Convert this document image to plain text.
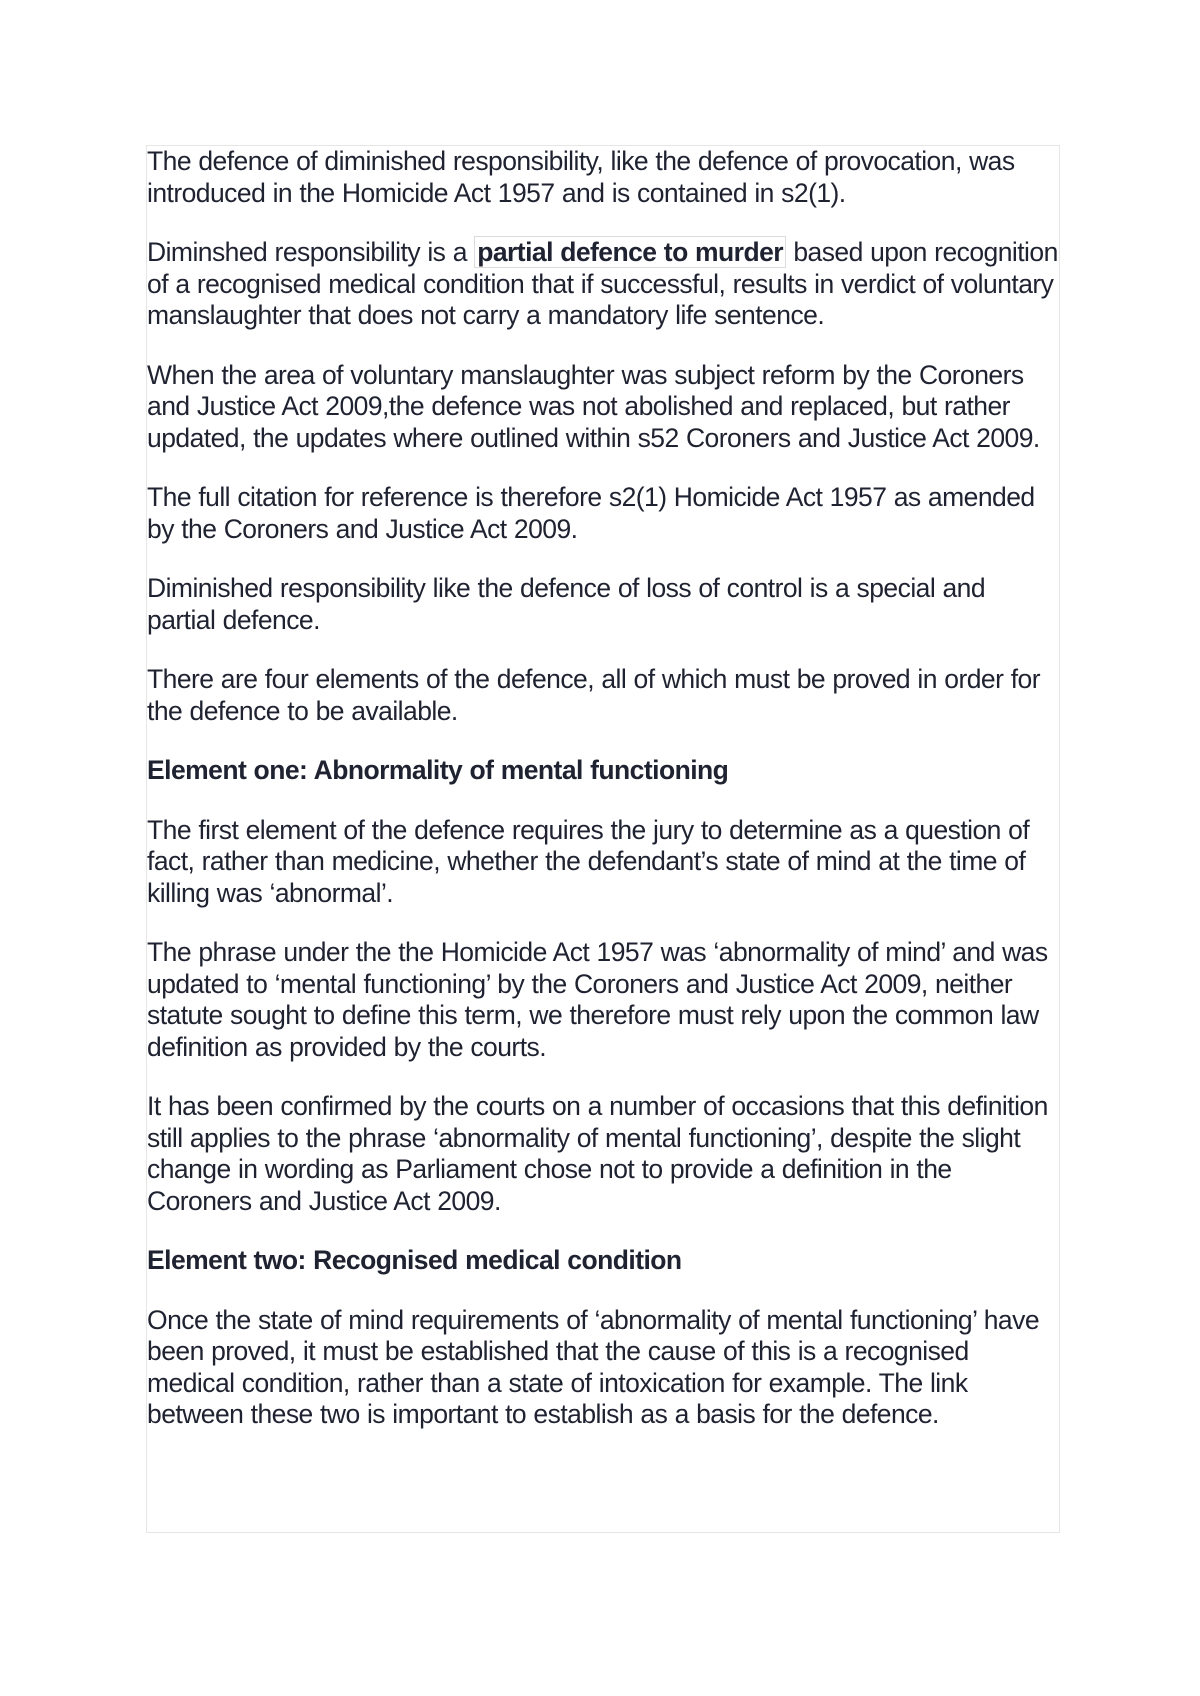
The defence of diminished responsibility, like the defence of provocation, was introduced in the Homicide Act 1957 and is contained in s2(1).

Diminshed responsibility is a partial defence to murder based upon recognition of a recognised medical condition that if successful, results in verdict of voluntary manslaughter that does not carry a mandatory life sentence.

When the area of voluntary manslaughter was subject reform by the Coroners and Justice Act 2009,the defence was not abolished and replaced, but rather updated, the updates where outlined within s52 Coroners and Justice Act 2009.

The full citation for reference is therefore s2(1) Homicide Act 1957 as amended by the Coroners and Justice Act 2009.

Diminished responsibility like the defence of loss of control is a special and partial defence.

There are four elements of the defence, all of which must be proved in order for the defence to be available.

Element one: Abnormality of mental functioning

The first element of the defence requires the jury to determine as a question of fact, rather than medicine, whether the defendant’s state of mind at the time of killing was ‘abnormal’.

The phrase under the the Homicide Act 1957 was ‘abnormality of mind’ and was updated to ‘mental functioning’ by the Coroners and Justice Act 2009, neither statute sought to define this term, we therefore must rely upon the common law definition as provided by the courts.

It has been confirmed by the courts on a number of occasions that this definition still applies to the phrase ‘abnormality of mental functioning’, despite the slight change in wording as Parliament chose not to provide a definition in the Coroners and Justice Act 2009.

Element two: Recognised medical condition

Once the state of mind requirements of ‘abnormality of mental functioning’ have been proved, it must be established that the cause of this is a recognised medical condition, rather than a state of intoxication for example. The link between these two is important to establish as a basis for the defence.
